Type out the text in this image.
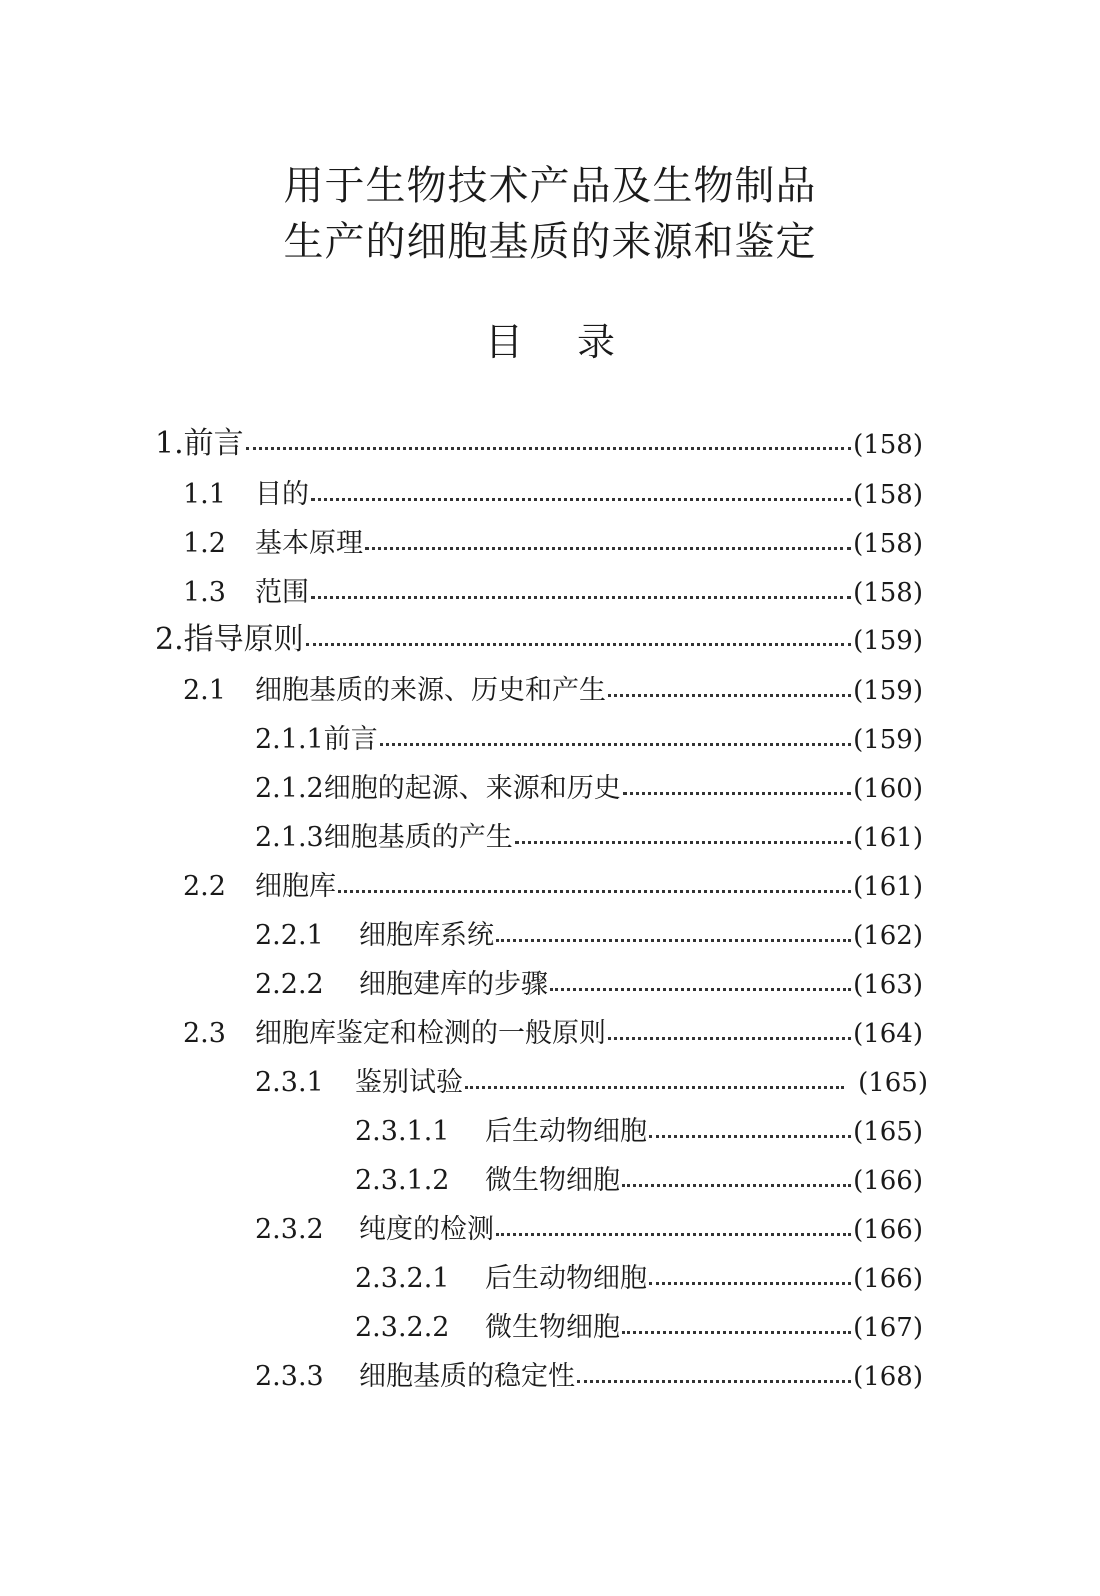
用于生物技术产品及生物制品
生产的细胞基质的来源和鉴定
目 录
1. 前言	(158)
1.1	目的	(158)
1.2	基本原理	(158)
1.3	范围	(158)
2. 指导原则	(159)
2.1	细胞基质的来源、历史和产生	(159)
2.1.1 前言	(159)
2.1.2 细胞的起源、来源和历史	(160)
2.1.3 细胞基质的产生	(161)
2.2	细胞库	(161)
2.2.1	细胞库系统	(162)
2.2.2	细胞建库的步骤	(163)
2.3	细胞库鉴定和检测的一般原则	(164)
2.3.1	鉴别试验	(165)
2.3.1.1	后生动物细胞	(165)
2.3.1.2	微生物细胞	(166)
2.3.2	纯度的检测	(166)
2.3.2.1	后生动物细胞	(166)
2.3.2.2	微生物细胞	(167)
2.3.3	细胞基质的稳定性	(168)
